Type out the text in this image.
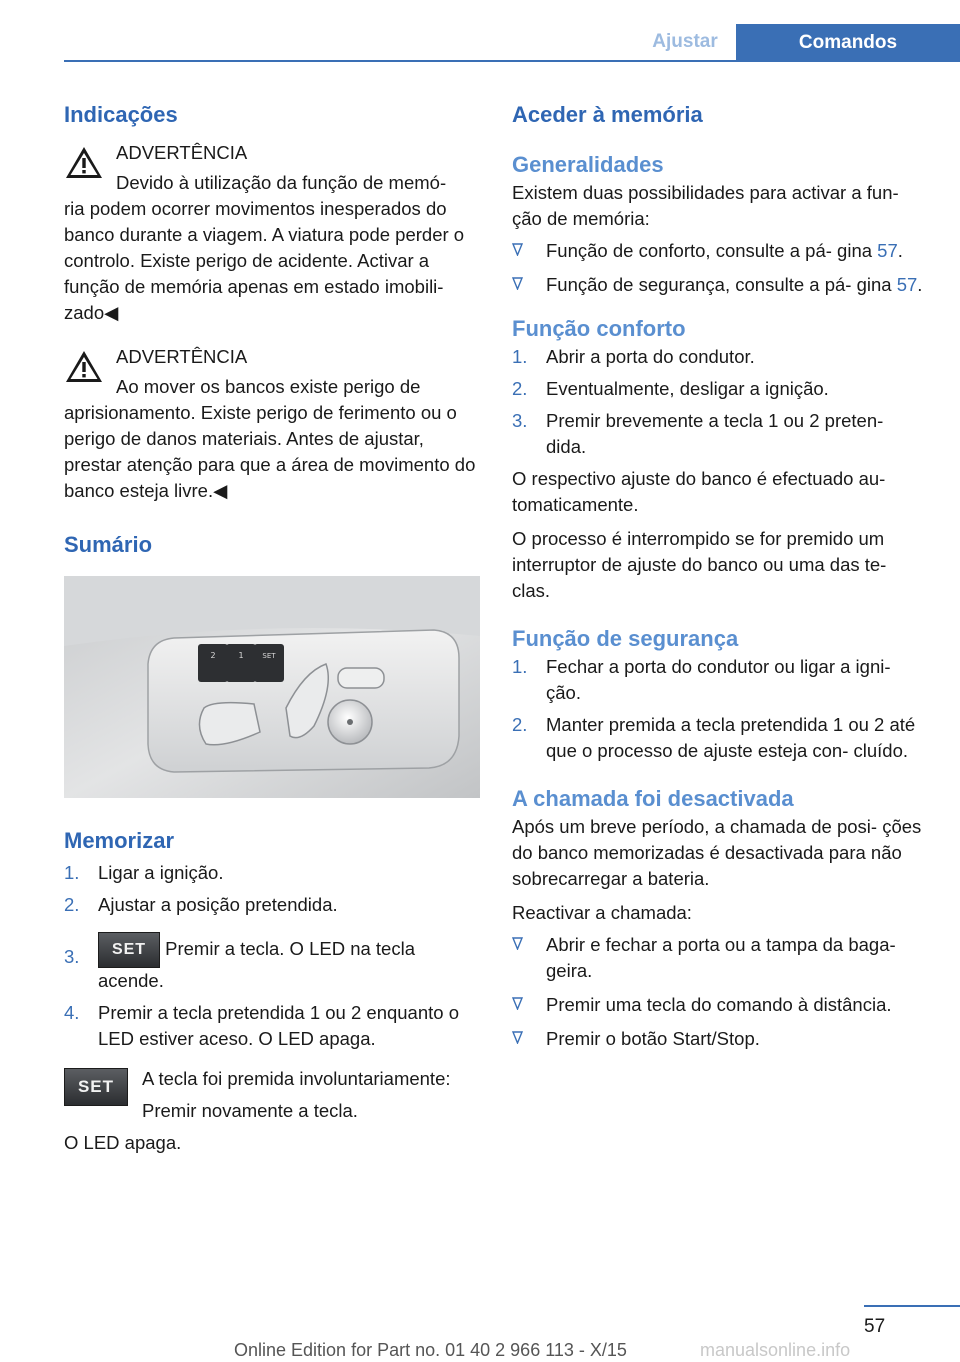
Ajustar	Comandos
Indicações

ADVERTÊNCIA

Devido à utilização da função de memó-

ria podem ocorrer movimentos inesperados do banco durante a viagem. A viatura pode perder o controlo. Existe perigo de acidente. Activar a função de memória apenas em estado imobili- zado◀

ADVERTÊNCIA

Ao mover os bancos existe perigo de

aprisionamento. Existe perigo de ferimento ou o perigo de danos materiais. Antes de ajustar, prestar atenção para que a área de movimento do banco esteja livre.◀

Sumário
2	1	SET
Memorizar
1. Ligar a ignição.
2. Ajustar a posição pretendida.
3. SET Premir a tecla. O LED na tecla acende.
4. Premir a tecla pretendida 1 ou 2 enquanto o LED estiver aceso. O LED apaga.
SET	A tecla foi premida involuntariamente:

Premir novamente a tecla.

O LED apaga.

Aceder à memória
Generalidades

Existem duas possibilidades para activar a fun- ção de memória:

Função de conforto, consulte a pá- gina 57.
Função de segurança, consulte a pá- gina 57.
Função conforto
1. Abrir a porta do condutor.
2. Eventualmente, desligar a ignição.
3. Premir brevemente a tecla 1 ou 2 preten- dida.

O respectivo ajuste do banco é efectuado au- tomaticamente.

O processo é interrompido se for premido um interruptor de ajuste do banco ou uma das te- clas.

Função de segurança
1. Fechar a porta do condutor ou ligar a igni- ção.
2. Manter premida a tecla pretendida 1 ou 2 até que o processo de ajuste esteja con- cluído.
A chamada foi desactivada

Após um breve período, a chamada de posi- ções do banco memorizadas é desactivada para não sobrecarregar a bateria.

Reactivar a chamada:

Abrir e fechar a porta ou a tampa da baga- geira.
Premir uma tecla do comando à distância.
Premir o botão Start/Stop.
57
Online Edition for Part no. 01 40 2 966 113 - X/15	manualsonline.info
